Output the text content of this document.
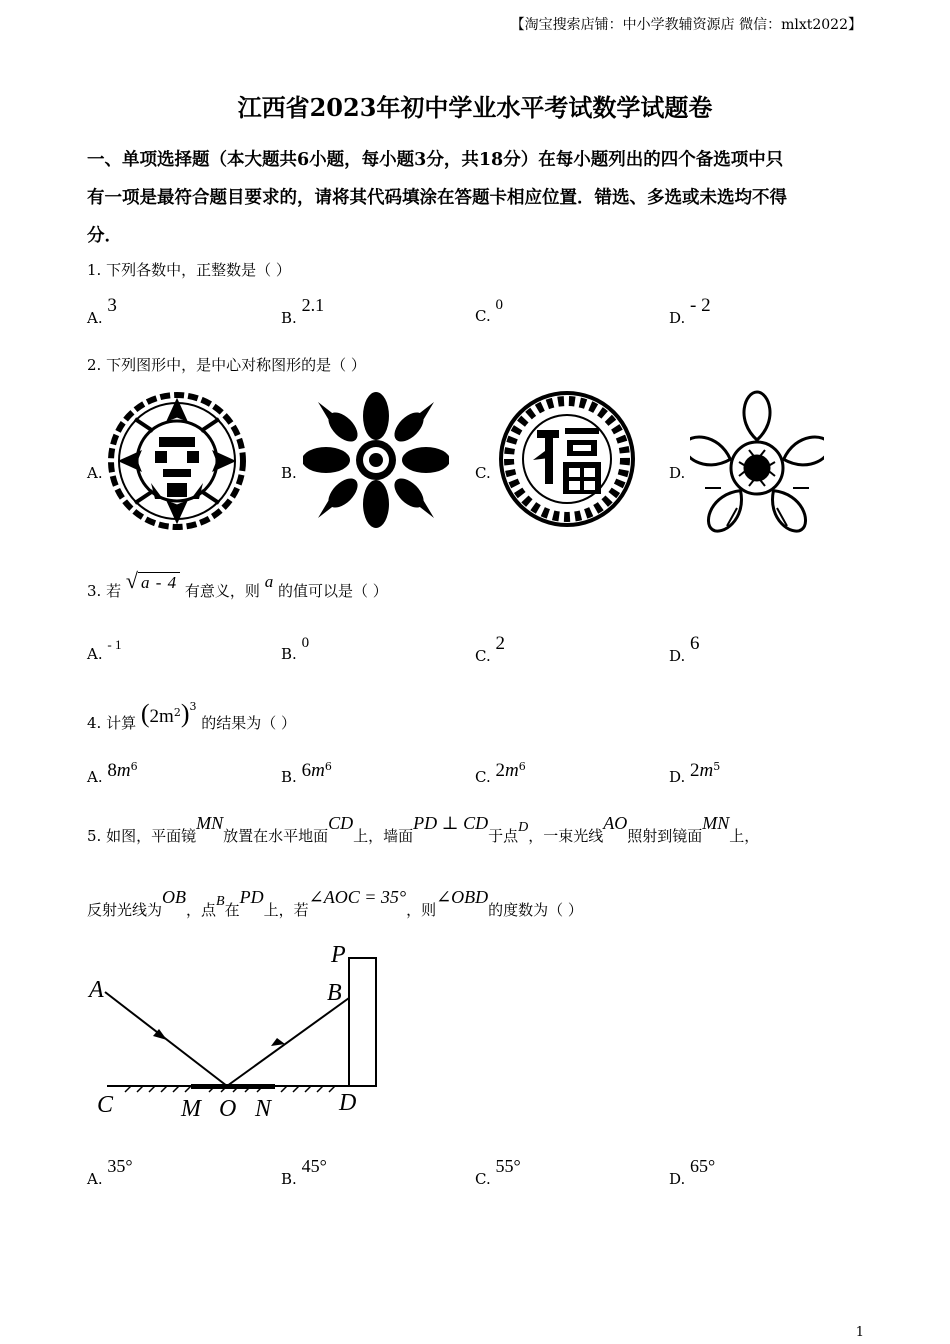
【淘宝搜索店铺：中小学教辅资源店 微信：mlxt2022】
江西省2023年初中学业水平考试数学试题卷
一、单项选择题（本大题共6小题，每小题3分，共18分）在每小题列出的四个备选项中只
有一项是最符合题目要求的，请将其代码填涂在答题卡相应位置．错选、多选或未选均不得
分．
1. 下列各数中，正整数是（ ）
A. 3
B. 2.1
C. 0
D. - 2
2. 下列图形中，是中心对称图形的是（ ）
A.	B.	C.	D.
3. 若 √ a - 4 有意义，则 a 的值可以是（ ）
A. - 1
B. 0
C. 2
D. 6
4. 计算 $(2m^2)^3$ 的结果为（ ）
A. $8m^6$
B. $6m^6$
C. $2m^6$
D. $2m^5$
5. 如图，平面镜MN放置在水平地面CD上，墙面PD ⊥ CD于点D，一束光线AO照射到镜面MN上，
反射光线为OB，点B在PD上，若∠AOC = 35°，则∠OBD的度数为（ ）
A	B
P
C	M O N	D
A. 35°
B. 45°
C. 55°
D. 65°
1
